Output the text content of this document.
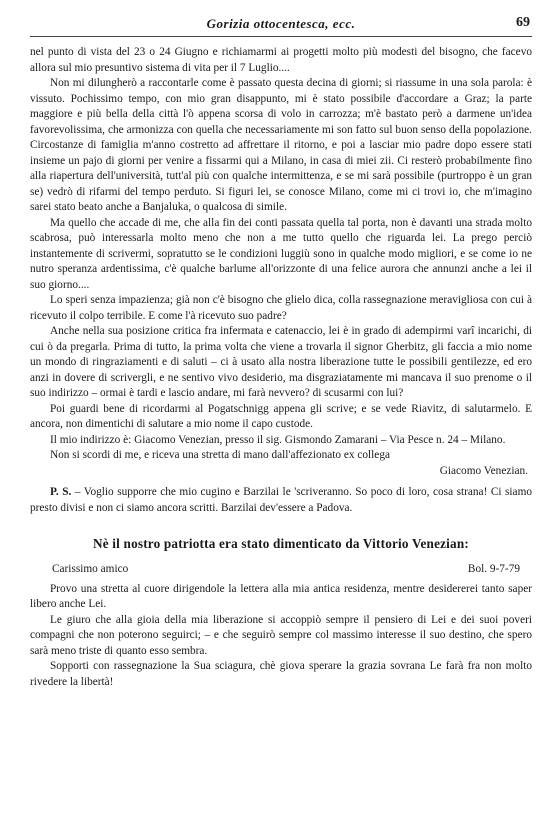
Gorizia ottocentesca, ecc.	69

nel punto di vista del 23 o 24 Giugno e richiamarmi ai progetti molto più modesti del bisogno, che facevo allora sul mio presuntivo sistema di vita per il 7 Luglio....

Non mi dilungherò a raccontarle come è passato questa decina di giorni; si riassume in una sola parola: è vissuto. Pochissimo tempo, con mio gran disappunto, mi è stato possibile d'accordare a Graz; la parte maggiore e più bella della città l'ò appena scorsa di volo in carrozza; m'è bastato però a darmene un'idea favorevolissima, che armonizza con quella che necessariamente mi son fatto sul buon senso della popolazione. Circostanze di famiglia m'anno costretto ad affrettare il ritorno, e poi a lasciar mio padre dopo essere stati insieme un pajo di giorni per venire a fissarmi qui a Milano, in casa di miei zii. Ci resterò probabilmente fino alla riapertura dell'università, tutt'al più con qualche intermittenza, e se mi sarà possibile (purtroppo è un gran se) vedrò di rifarmi del tempo perduto. Si figuri lei, se conosce Milano, come mi ci trovi io, che m'imagino sarei stato beato anche a Banjaluka, o qualcosa di simile.

Ma quello che accade di me, che alla fin dei conti passata quella tal porta, non è davanti una strada molto scabrosa, può interessarla molto meno che non a me tutto quello che riguarda lei. La prego perciò instantemente di scrivermi, sopratutto se le condizioni luggiù sono in qualche modo migliori, e se come io ne nutro speranza ardentissima, c'è qualche barlume all'orizzonte di una felice aurora che annunzi anche a lei il suo giorno....

Lo speri senza impazienza; già non c'è bisogno che glielo dica, colla rassegnazione meravigliosa con cui à ricevuto il colpo terribile. E come l'à ricevuto suo padre?

Anche nella sua posizione critica fra infermata e catenaccio, lei è in grado di adempirmi varî incarichi, di cui ò da pregarla. Prima di tutto, la prima volta che viene a trovarla il signor Gherbitz, gli faccia a mio nome un mondo di ringraziamenti e di saluti – ci à usato alla nostra liberazione tutte le possibili gentilezze, ed ero anzi in dovere di scrivergli, e ne sentivo vivo desiderio, ma disgraziatamente mi mancava il suo prenome o il suo indirizzo – ormai è tardi e lascio andare, mi farà nevvero? di scusarmi con lui?

Poi guardi bene di ricordarmi al Pogatschnigg appena gli scrive; e se vede Riavitz, di salutarmelo. E ancora, non dimentichi di salutare a mio nome il capo custode.

Il mio indirizzo è: Giacomo Venezian, presso il sig. Gismondo Zamarani – Via Pesce n. 24 – Milano.

Non si scordi di me, e riceva una stretta di mano dall'affezionato ex collega

Giacomo Venezian.

P. S. – Voglio supporre che mio cugino e Barzilai le 'scriveranno. So poco di loro, cosa strana! Ci siamo presto divisi e non ci siamo ancora scritti. Barzilai dev'essere a Padova.

Nè il nostro patriotta era stato dimenticato da Vittorio Venezian:
Carissimo amico	Bol. 9-7-79

Provo una stretta al cuore dirigendole la lettera alla mia antica residenza, mentre desidererei tanto saper libero anche Lei.

Le giuro che alla gioia della mia liberazione si accoppiò sempre il pensiero di Lei e dei suoi poveri compagni che non poterono seguirci; – e che seguirò sempre col massimo interesse il suo destino, che spero sarà meno triste di quanto esso sembra.

Sopporti con rassegnazione la Sua sciagura, chè giova sperare la grazia sovrana Le farà fra non molto rivedere la libertà!
